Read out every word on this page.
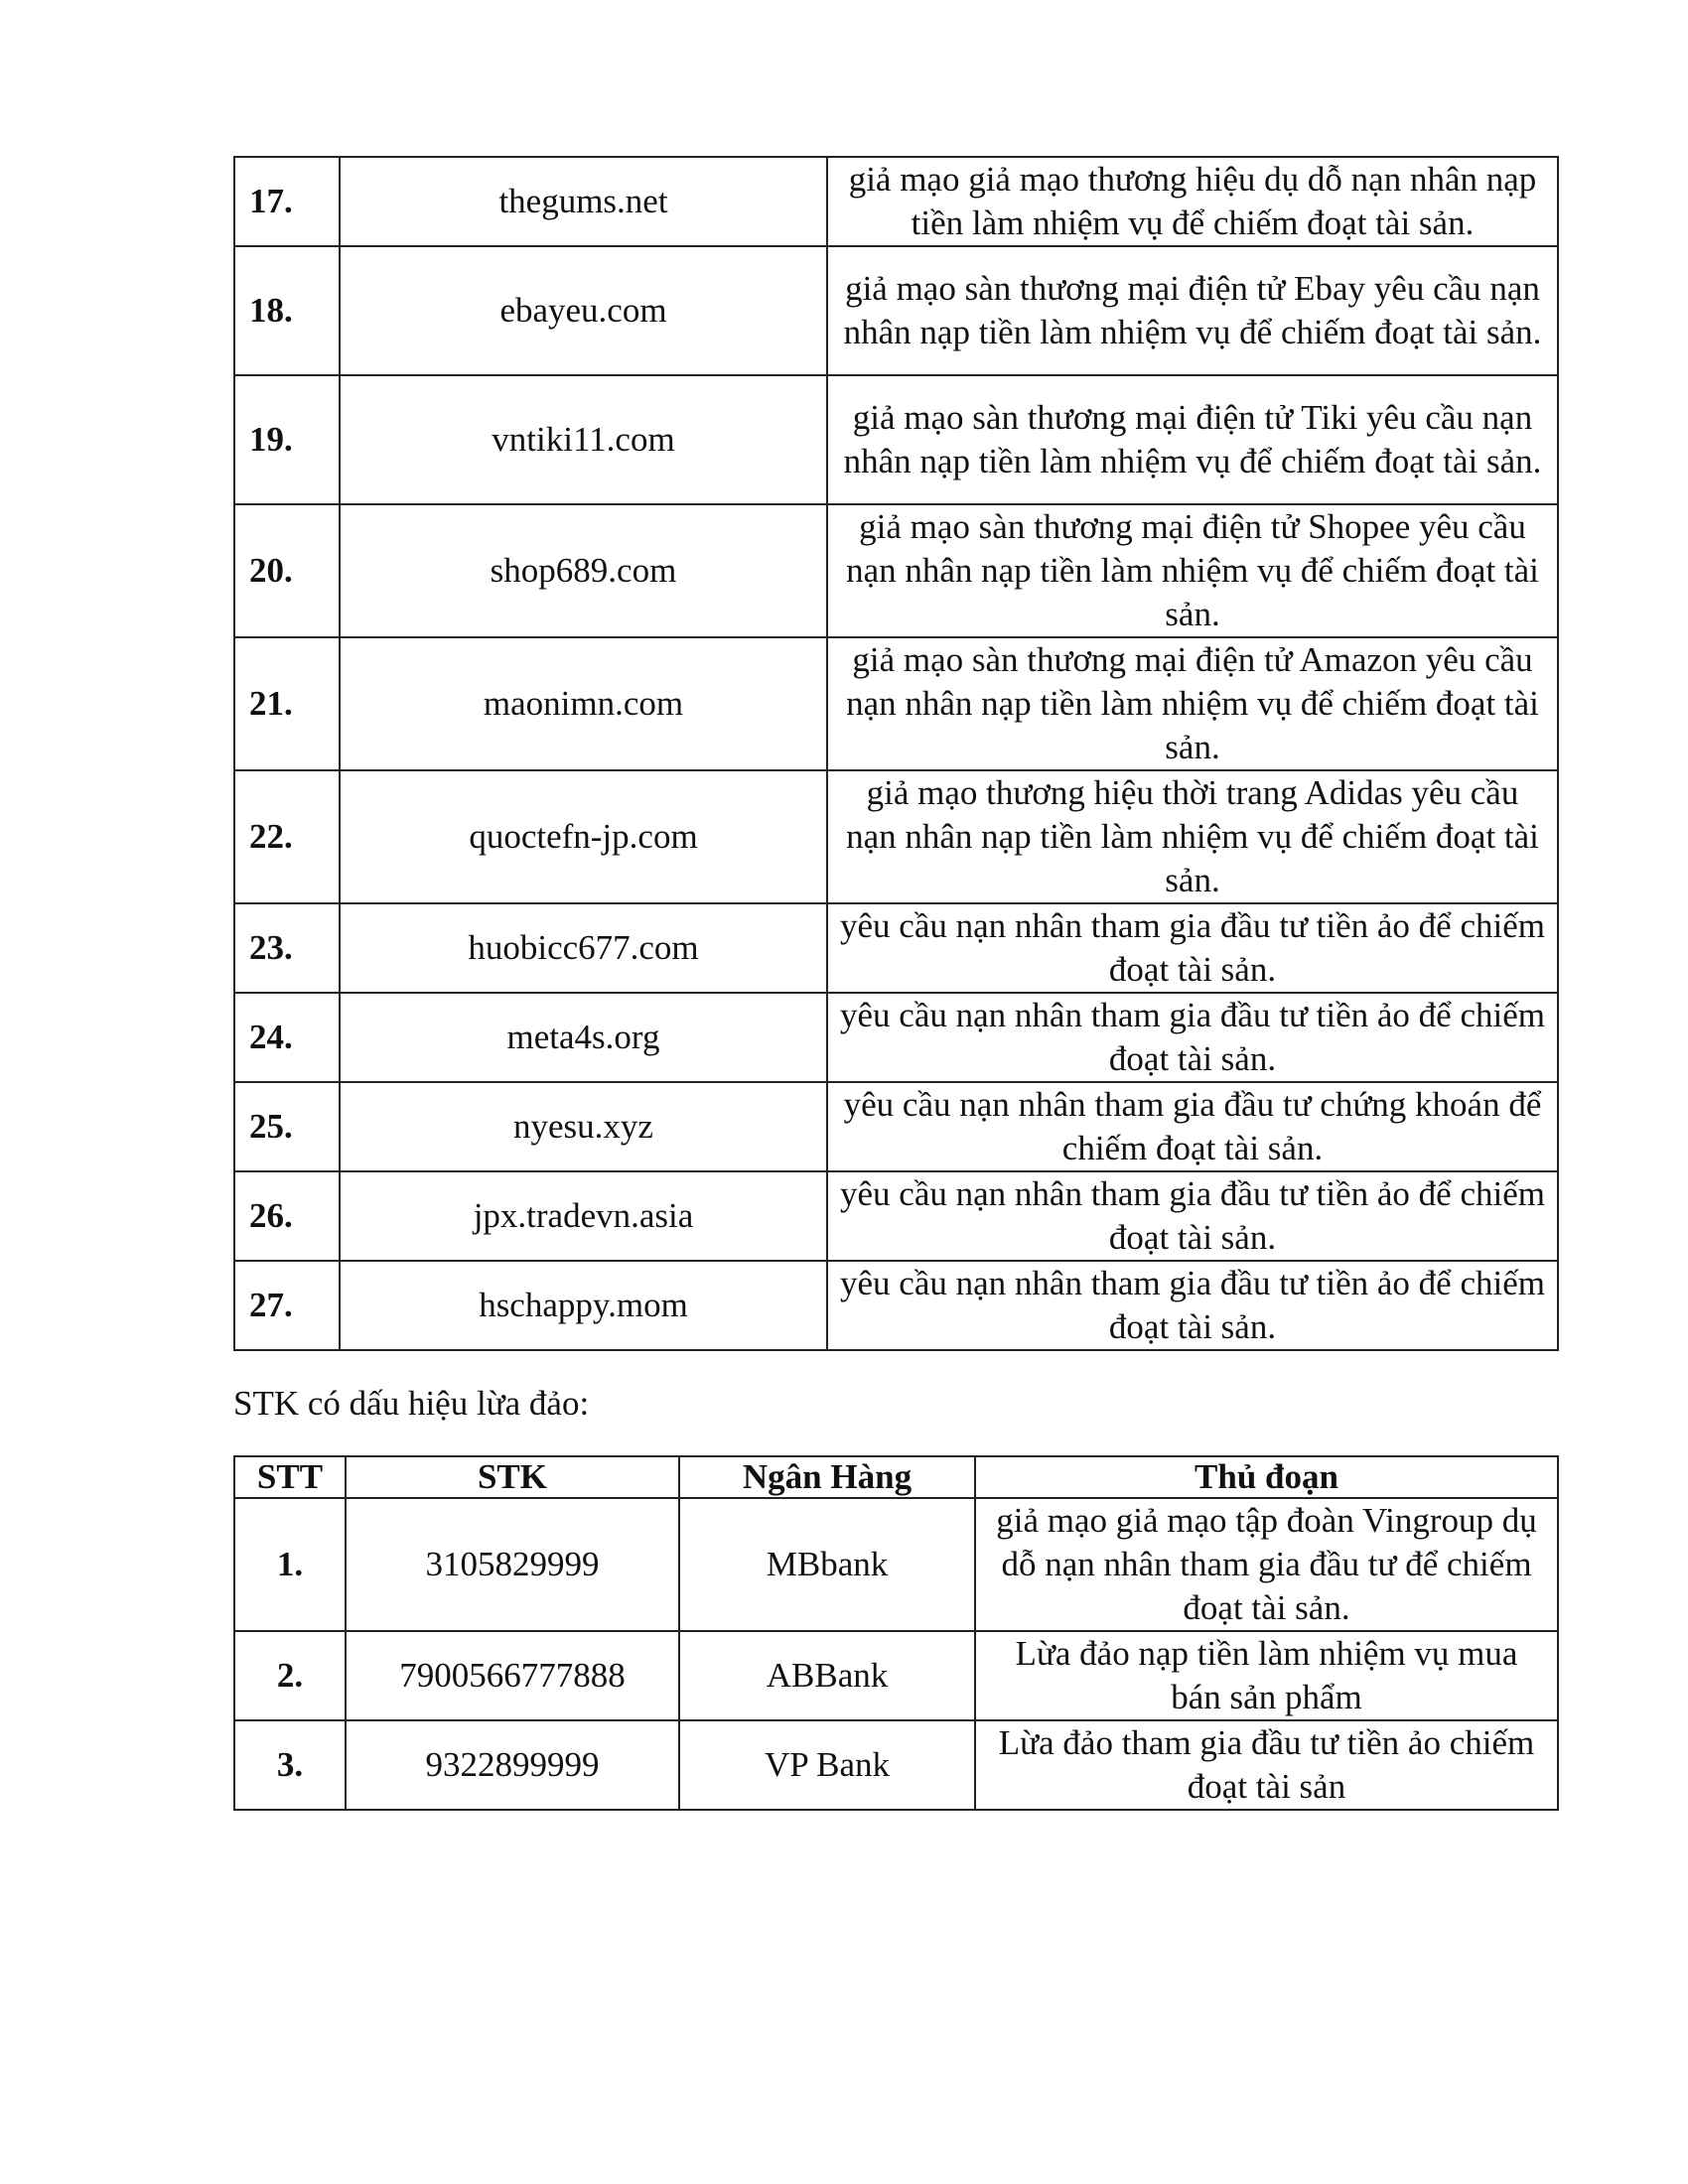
17.	thegums.net	giả mạo giả mạo thương hiệu dụ dỗ nạn nhân nạp tiền làm nhiệm vụ để chiếm đoạt tài sản.
18.	ebayeu.com	giả mạo sàn thương mại điện tử Ebay yêu cầu nạn nhân nạp tiền làm nhiệm vụ để chiếm đoạt tài sản.
19.	vntiki11.com	giả mạo sàn thương mại điện tử Tiki yêu cầu nạn nhân nạp tiền làm nhiệm vụ để chiếm đoạt tài sản.
20.	shop689.com	giả mạo sàn thương mại điện tử Shopee yêu cầu nạn nhân nạp tiền làm nhiệm vụ để chiếm đoạt tài sản.
21.	maonimn.com	giả mạo sàn thương mại điện tử Amazon yêu cầu nạn nhân nạp tiền làm nhiệm vụ để chiếm đoạt tài sản.
22.	quoctefn-jp.com	giả mạo thương hiệu thời trang Adidas yêu cầu nạn nhân nạp tiền làm nhiệm vụ để chiếm đoạt tài sản.
23.	huobicc677.com	yêu cầu nạn nhân tham gia đầu tư tiền ảo để chiếm đoạt tài sản.
24.	meta4s.org	yêu cầu nạn nhân tham gia đầu tư tiền ảo để chiếm đoạt tài sản.
25.	nyesu.xyz	yêu cầu nạn nhân tham gia đầu tư chứng khoán để chiếm đoạt tài sản.
26.	jpx.tradevn.asia	yêu cầu nạn nhân tham gia đầu tư tiền ảo để chiếm đoạt tài sản.
27.	hschappy.mom	yêu cầu nạn nhân tham gia đầu tư tiền ảo để chiếm đoạt tài sản.
STK có dấu hiệu lừa đảo:
STT	STK	Ngân Hàng	Thủ đoạn
1.	3105829999	MBbank	giả mạo giả mạo tập đoàn Vingroup dụ dỗ nạn nhân tham gia đầu tư để chiếm đoạt tài sản.
2.	7900566777888	ABBank	Lừa đảo nạp tiền làm nhiệm vụ mua bán sản phẩm
3.	9322899999	VP Bank	Lừa đảo tham gia đầu tư tiền ảo chiếm đoạt tài sản
